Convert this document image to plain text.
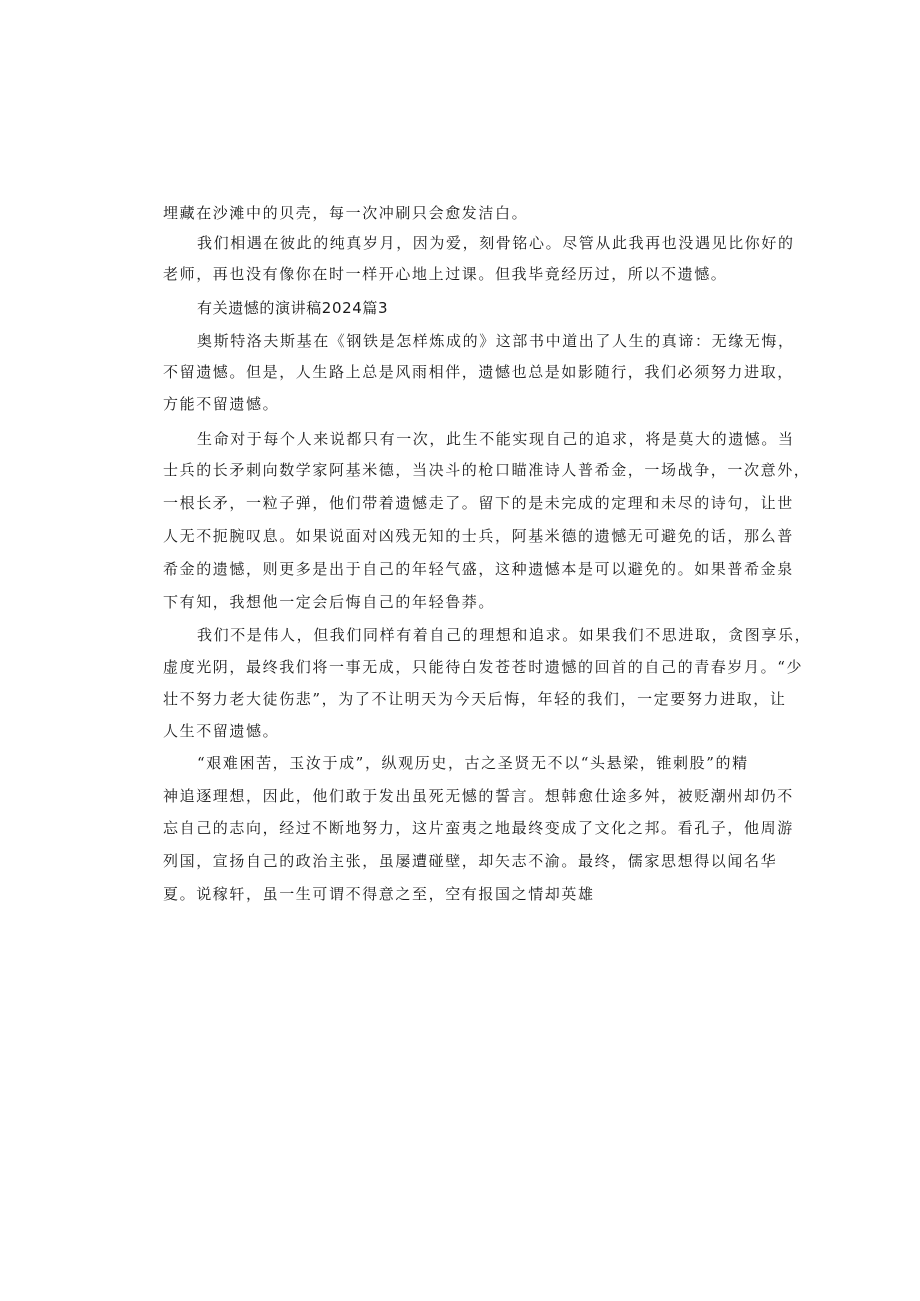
埋藏在沙滩中的贝壳，每一次冲刷只会愈发洁白。
我们相遇在彼此的纯真岁月，因为爱，刻骨铭心。尽管从此我再也没遇见比你好的
老师，再也没有像你在时一样开心地上过课。但我毕竟经历过，所以不遗憾。
有关遗憾的演讲稿2024篇3
奥斯特洛夫斯基在《钢铁是怎样炼成的》这部书中道出了人生的真谛：无缘无悔，
不留遗憾。但是，人生路上总是风雨相伴，遗憾也总是如影随行，我们必须努力进取，
方能不留遗憾。
生命对于每个人来说都只有一次，此生不能实现自己的追求，将是莫大的遗憾。当
士兵的长矛刺向数学家阿基米德，当决斗的枪口瞄准诗人普希金，一场战争，一次意外，
一根长矛，一粒子弹，他们带着遗憾走了。留下的是未完成的定理和未尽的诗句，让世
人无不扼腕叹息。如果说面对凶残无知的士兵，阿基米德的遗憾无可避免的话，那么普
希金的遗憾，则更多是出于自己的年轻气盛，这种遗憾本是可以避免的。如果普希金泉
下有知，我想他一定会后悔自己的年轻鲁莽。
我们不是伟人，但我们同样有着自己的理想和追求。如果我们不思进取，贪图享乐，
虚度光阴，最终我们将一事无成，只能待白发苍苍时遗憾的回首的自己的青春岁月。“少
壮不努力老大徒伤悲”，为了不让明天为今天后悔，年轻的我们，一定要努力进取，让
人生不留遗憾。
“艰难困苦，玉汝于成”，纵观历史，古之圣贤无不以“头悬梁，锥刺股”的精
神追逐理想，因此，他们敢于发出虽死无憾的誓言。想韩愈仕途多舛，被贬潮州却仍不
忘自己的志向，经过不断地努力，这片蛮夷之地最终变成了文化之邦。看孔子，他周游
列国，宣扬自己的政治主张，虽屡遭碰壁，却矢志不渝。最终，儒家思想得以闻名华
夏。说稼轩，虽一生可谓不得意之至，空有报国之情却英雄
